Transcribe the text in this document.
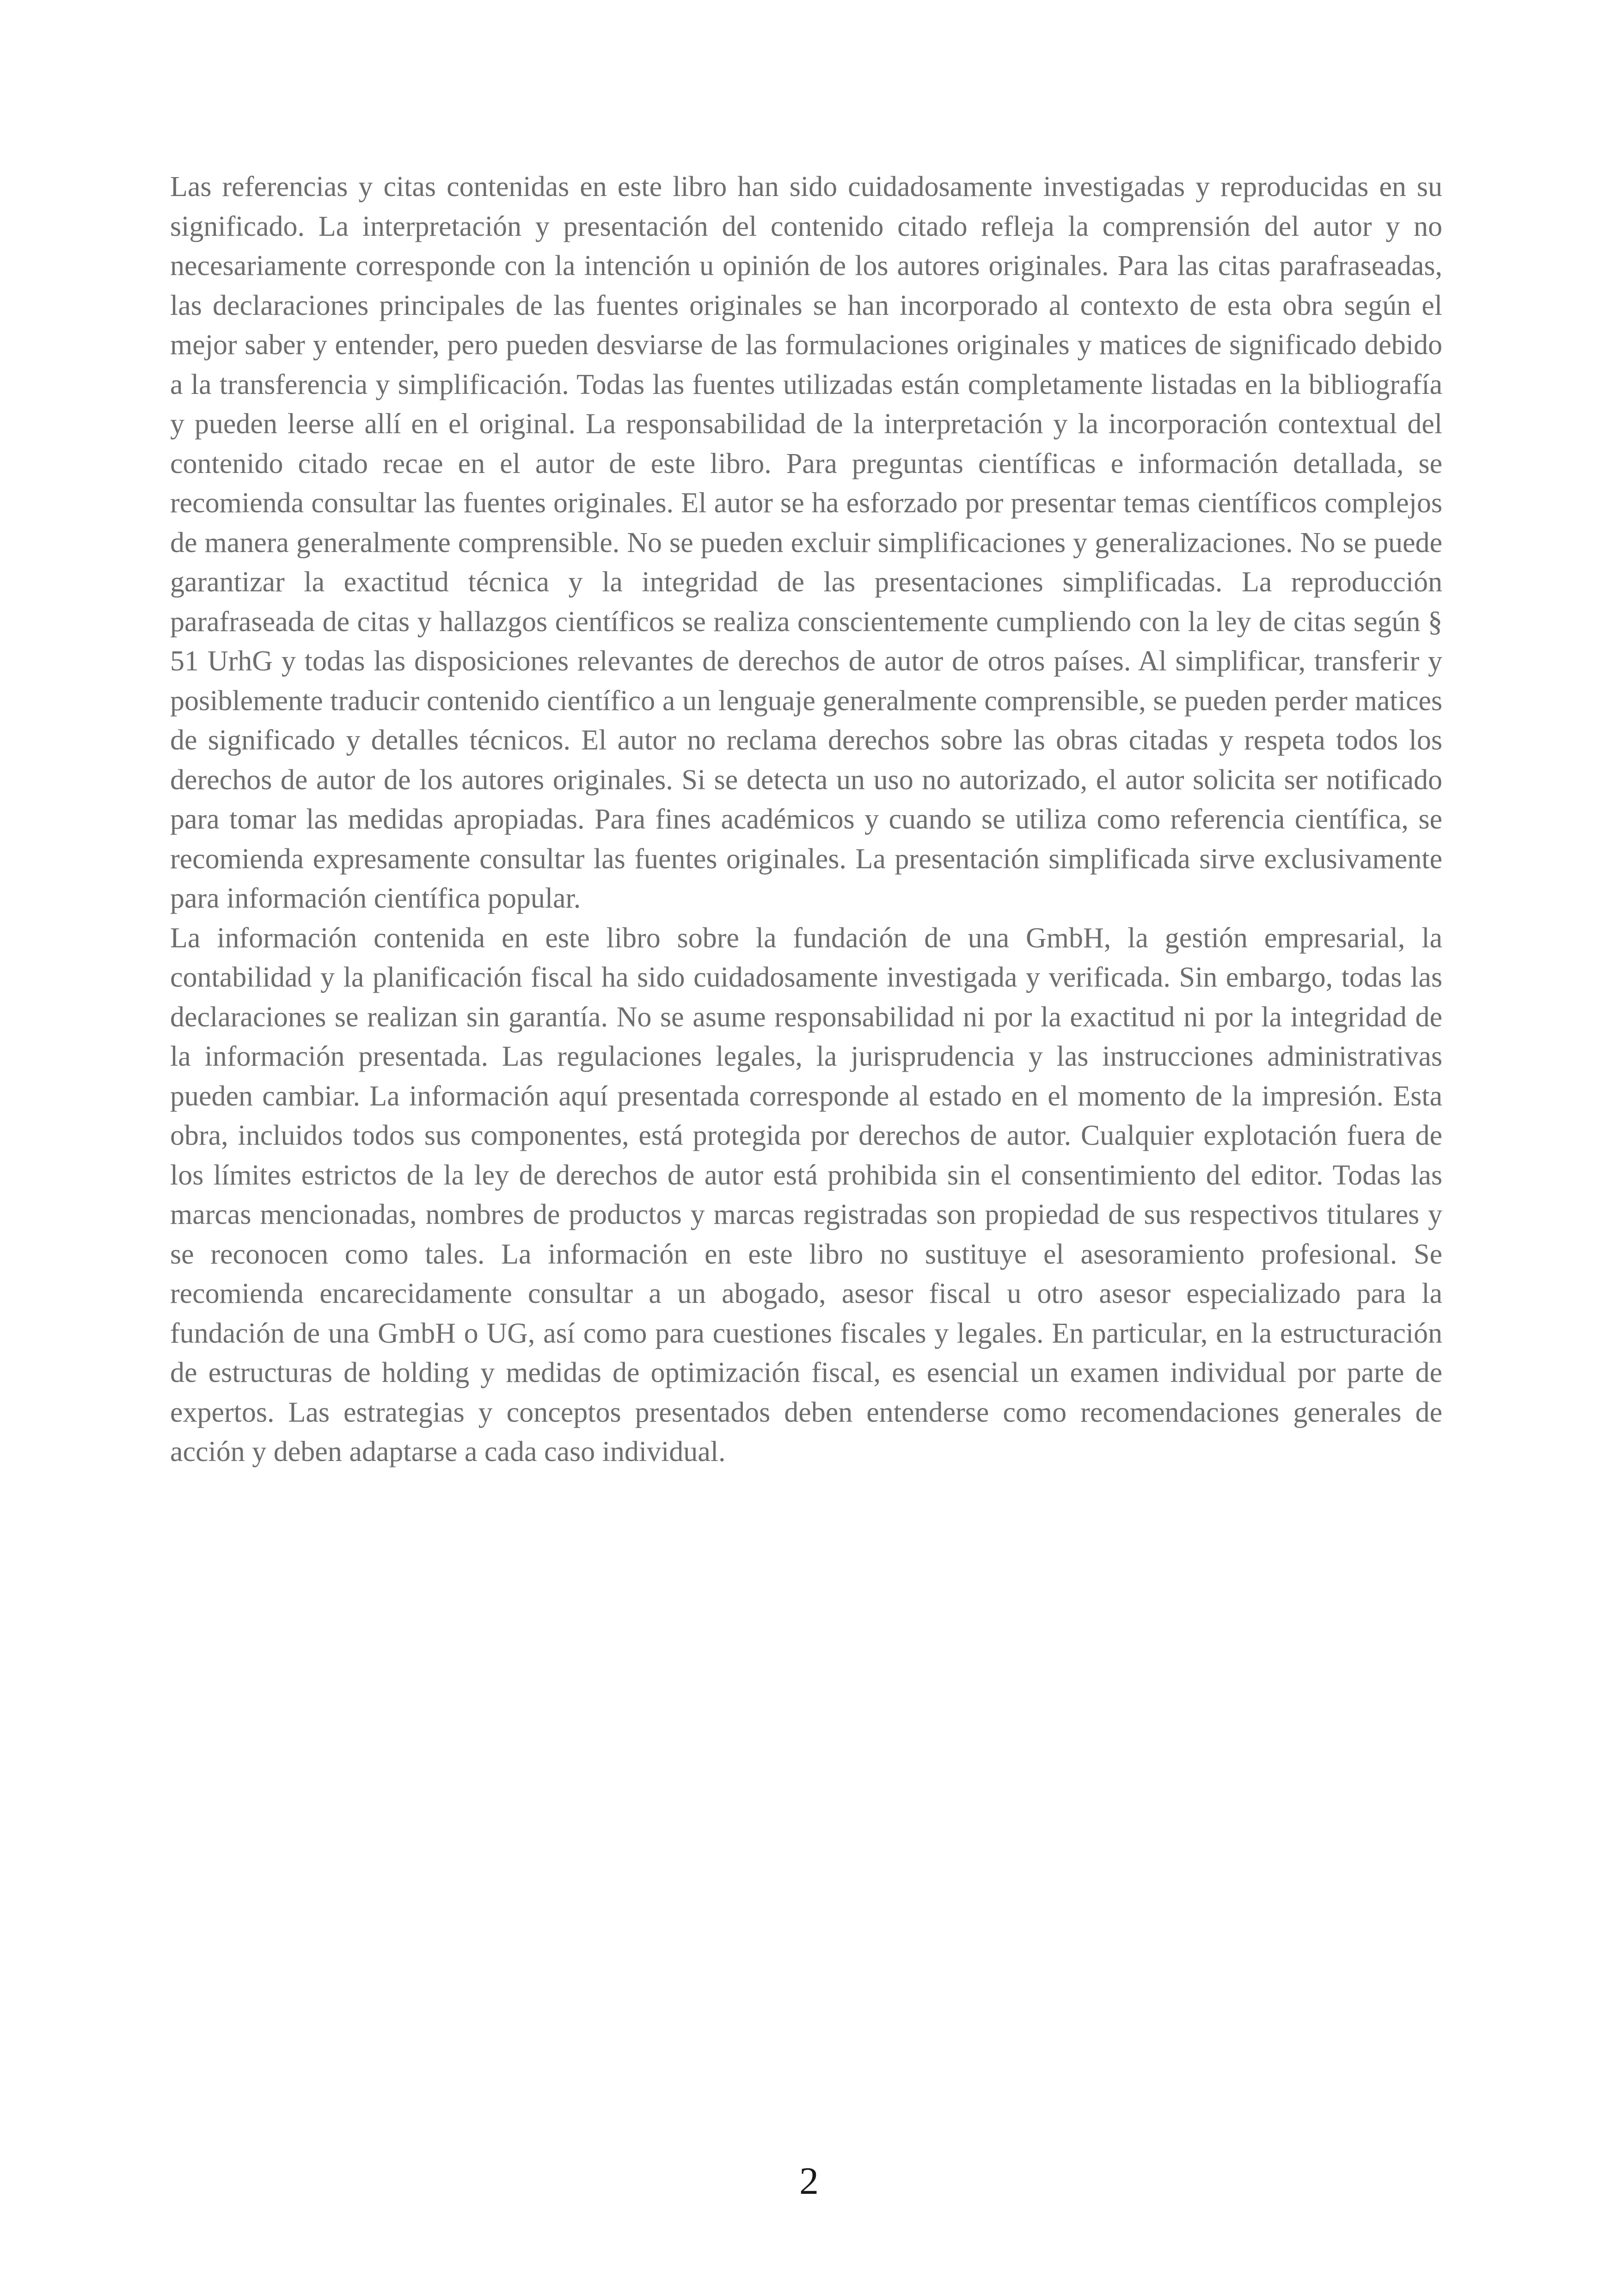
Las referencias y citas contenidas en este libro han sido cuidadosamente investigadas y reproducidas en su significado. La interpretación y presentación del contenido citado refleja la comprensión del autor y no necesariamente corresponde con la intención u opinión de los autores originales. Para las citas parafraseadas, las declaraciones principales de las fuentes originales se han incorporado al contexto de esta obra según el mejor saber y entender, pero pueden desviarse de las formulaciones originales y matices de significado debido a la transferencia y simplificación. Todas las fuentes utilizadas están completamente listadas en la bibliografía y pueden leerse allí en el original. La responsabilidad de la interpretación y la incorporación contextual del contenido citado recae en el autor de este libro. Para preguntas científicas e información detallada, se recomienda consultar las fuentes originales. El autor se ha esforzado por presentar temas científicos complejos de manera generalmente comprensible. No se pueden excluir simplificaciones y generalizaciones. No se puede garantizar la exactitud técnica y la integridad de las presentaciones simplificadas. La reproducción parafraseada de citas y hallazgos científicos se realiza conscientemente cumpliendo con la ley de citas según § 51 UrhG y todas las disposiciones relevantes de derechos de autor de otros países. Al simplificar, transferir y posiblemente traducir contenido científico a un lenguaje generalmente comprensible, se pueden perder matices de significado y detalles técnicos. El autor no reclama derechos sobre las obras citadas y respeta todos los derechos de autor de los autores originales. Si se detecta un uso no autorizado, el autor solicita ser notificado para tomar las medidas apropiadas. Para fines académicos y cuando se utiliza como referencia científica, se recomienda expresamente consultar las fuentes originales. La presentación simplificada sirve exclusivamente para información científica popular.

La información contenida en este libro sobre la fundación de una GmbH, la gestión empresarial, la contabilidad y la planificación fiscal ha sido cuidadosamente investigada y verificada. Sin embargo, todas las declaraciones se realizan sin garantía. No se asume responsabilidad ni por la exactitud ni por la integridad de la información presentada. Las regulaciones legales, la jurisprudencia y las instrucciones administrativas pueden cambiar. La información aquí presentada corresponde al estado en el momento de la impresión. Esta obra, incluidos todos sus componentes, está protegida por derechos de autor. Cualquier explotación fuera de los límites estrictos de la ley de derechos de autor está prohibida sin el consentimiento del editor. Todas las marcas mencionadas, nombres de productos y marcas registradas son propiedad de sus respectivos titulares y se reconocen como tales. La información en este libro no sustituye el asesoramiento profesional. Se recomienda encarecidamente consultar a un abogado, asesor fiscal u otro asesor especializado para la fundación de una GmbH o UG, así como para cuestiones fiscales y legales. En particular, en la estructuración de estructuras de holding y medidas de optimización fiscal, es esencial un examen individual por parte de expertos. Las estrategias y conceptos presentados deben entenderse como recomendaciones generales de acción y deben adaptarse a cada caso individual.

2
